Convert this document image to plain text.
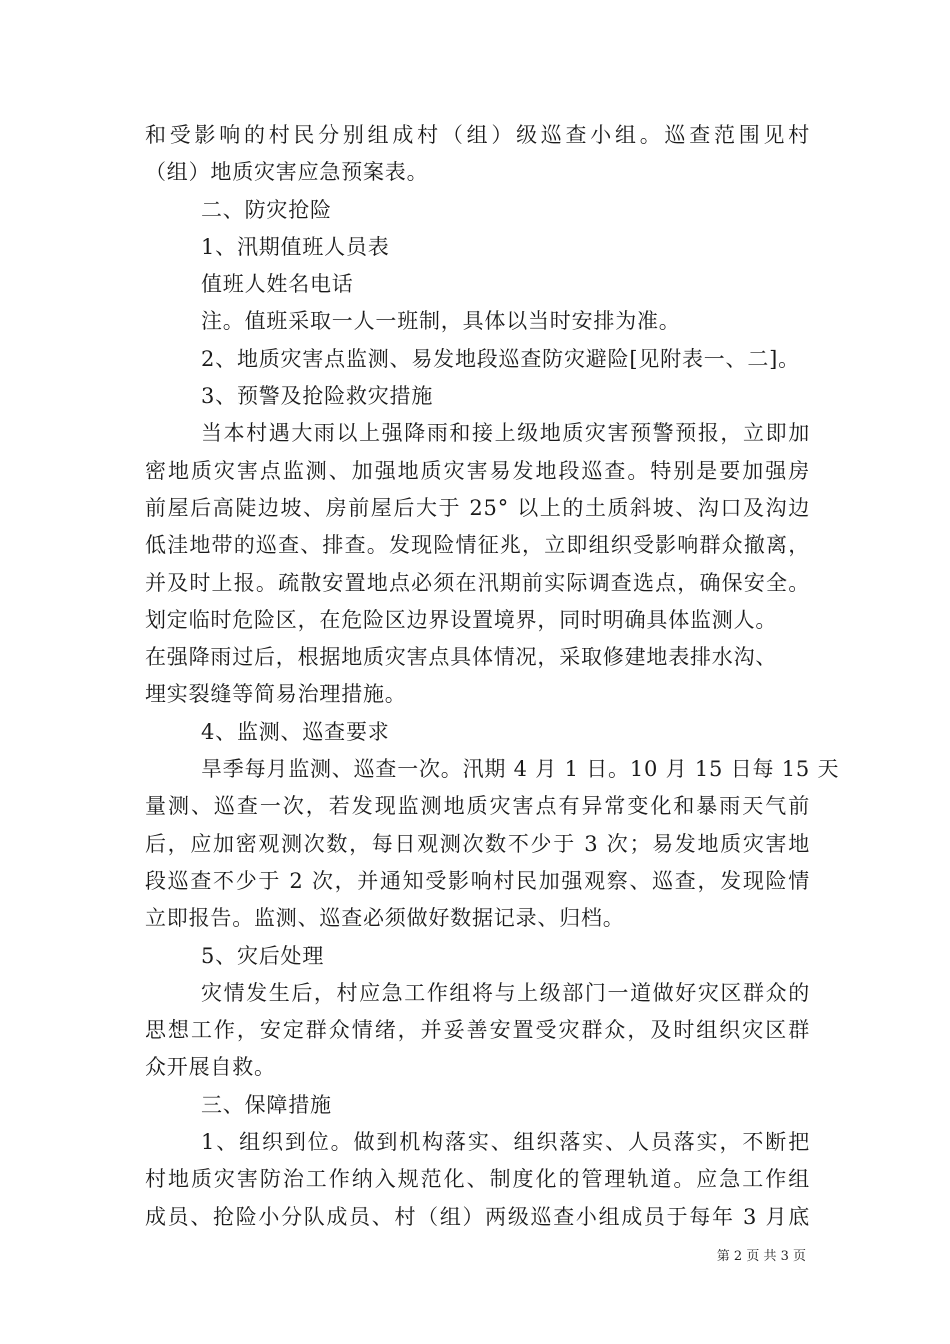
和受影响的村民分别组成村（组）级巡查小组。巡查范围见村
（组）地质灾害应急预案表。
二、防灾抢险
1、汛期值班人员表
值班人姓名电话
注。值班采取一人一班制，具体以当时安排为准。
2、地质灾害点监测、易发地段巡查防灾避险[见附表一、二]。
3、预警及抢险救灾措施
当本村遇大雨以上强降雨和接上级地质灾害预警预报，立即加
密地质灾害点监测、加强地质灾害易发地段巡查。特别是要加强房
前屋后高陡边坡、房前屋后大于 25° 以上的土质斜坡、沟口及沟边
低洼地带的巡查、排查。发现险情征兆，立即组织受影响群众撤离，
并及时上报。疏散安置地点必须在汛期前实际调查选点，确保安全。
划定临时危险区，在危险区边界设置境界，同时明确具体监测人。
在强降雨过后，根据地质灾害点具体情况，采取修建地表排水沟、
埋实裂缝等简易治理措施。
4、监测、巡查要求
旱季每月监测、巡查一次。汛期 4 月 1 日。10 月 15 日每 15 天
量测、巡查一次，若发现监测地质灾害点有异常变化和暴雨天气前
后，应加密观测次数，每日观测次数不少于 3 次；易发地质灾害地
段巡查不少于 2 次，并通知受影响村民加强观察、巡查，发现险情
立即报告。监测、巡查必须做好数据记录、归档。
5、灾后处理
灾情发生后，村应急工作组将与上级部门一道做好灾区群众的
思想工作，安定群众情绪，并妥善安置受灾群众，及时组织灾区群
众开展自救。
三、保障措施
1、组织到位。做到机构落实、组织落实、人员落实，不断把
村地质灾害防治工作纳入规范化、制度化的管理轨道。应急工作组
成员、抢险小分队成员、村（组）两级巡查小组成员于每年 3 月底
第 2 页 共 3 页
